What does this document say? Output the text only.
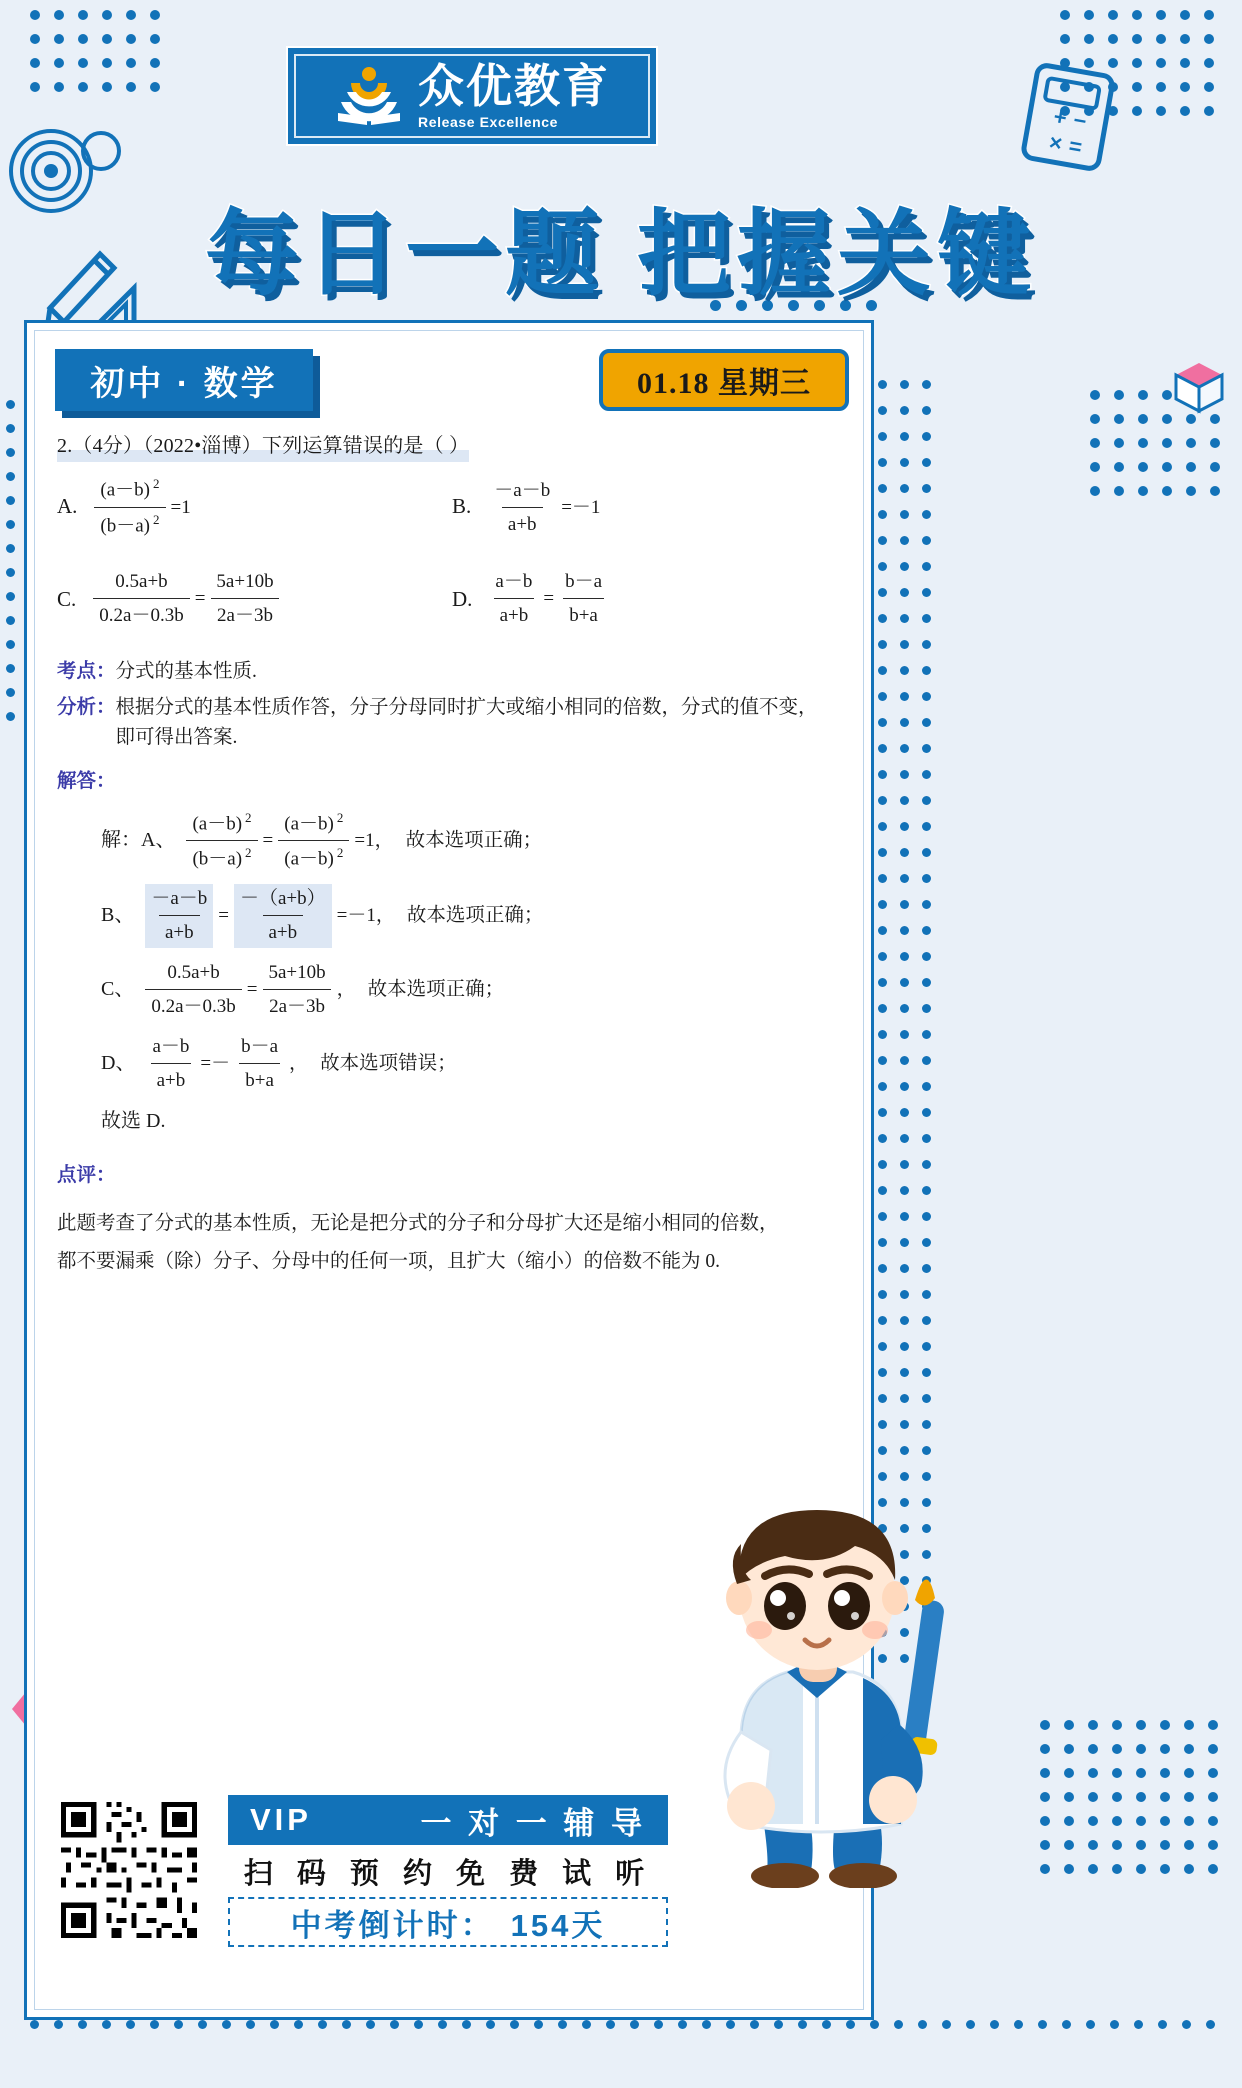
+ −
× =
众优教育
Release Excellence
每日一题 把握关键
初中 · 数学	01.18 星期三
2.（4分）（2022•淄博）下列运算错误的是（ ）
A. $\frac{(a-b) ^2}{(b-a) ^2} =1$	B. $\frac{-a-b}{a+b} =-1$
C. $\frac{0.5a+b}{0.2a-0.3b} = \frac{5a+10b}{2a-3b}$	D. $\frac{a-b}{a+b} = \frac{b-a}{b+a}$
考点： 分式的基本性质.
分析： 根据分式的基本性质作答，分子分母同时扩大或缩小相同的倍数，分式的值不变，
即可得出答案.
解答：
解：A、 $\frac{(a-b) ^2}{(b-a) ^2} = \frac{(a-b) ^2}{(a-b) ^2} =1$， 故本选项正确；
B、 $\frac{-a-b}{a+b} = \frac{-(a+b)}{a+b} =-1$， 故本选项正确；
C、 $\frac{0.5a+b}{0.2a-0.3b} = \frac{5a+10b}{2a-3b}$ ， 故本选项正确；
D、 $\frac{a-b}{a+b} =- \frac{b-a}{b+a}$ ， 故本选项错误；
故选 D.
点评：
此题考查了分式的基本性质，无论是把分式的分子和分母扩大还是缩小相同的倍数，
都不要漏乘（除）分子、分母中的任何一项，且扩大（缩小）的倍数不能为 0.
VIP	一 对 一 辅 导
扫 码 预 约 免 费 试 听
中考倒计时： 154天
